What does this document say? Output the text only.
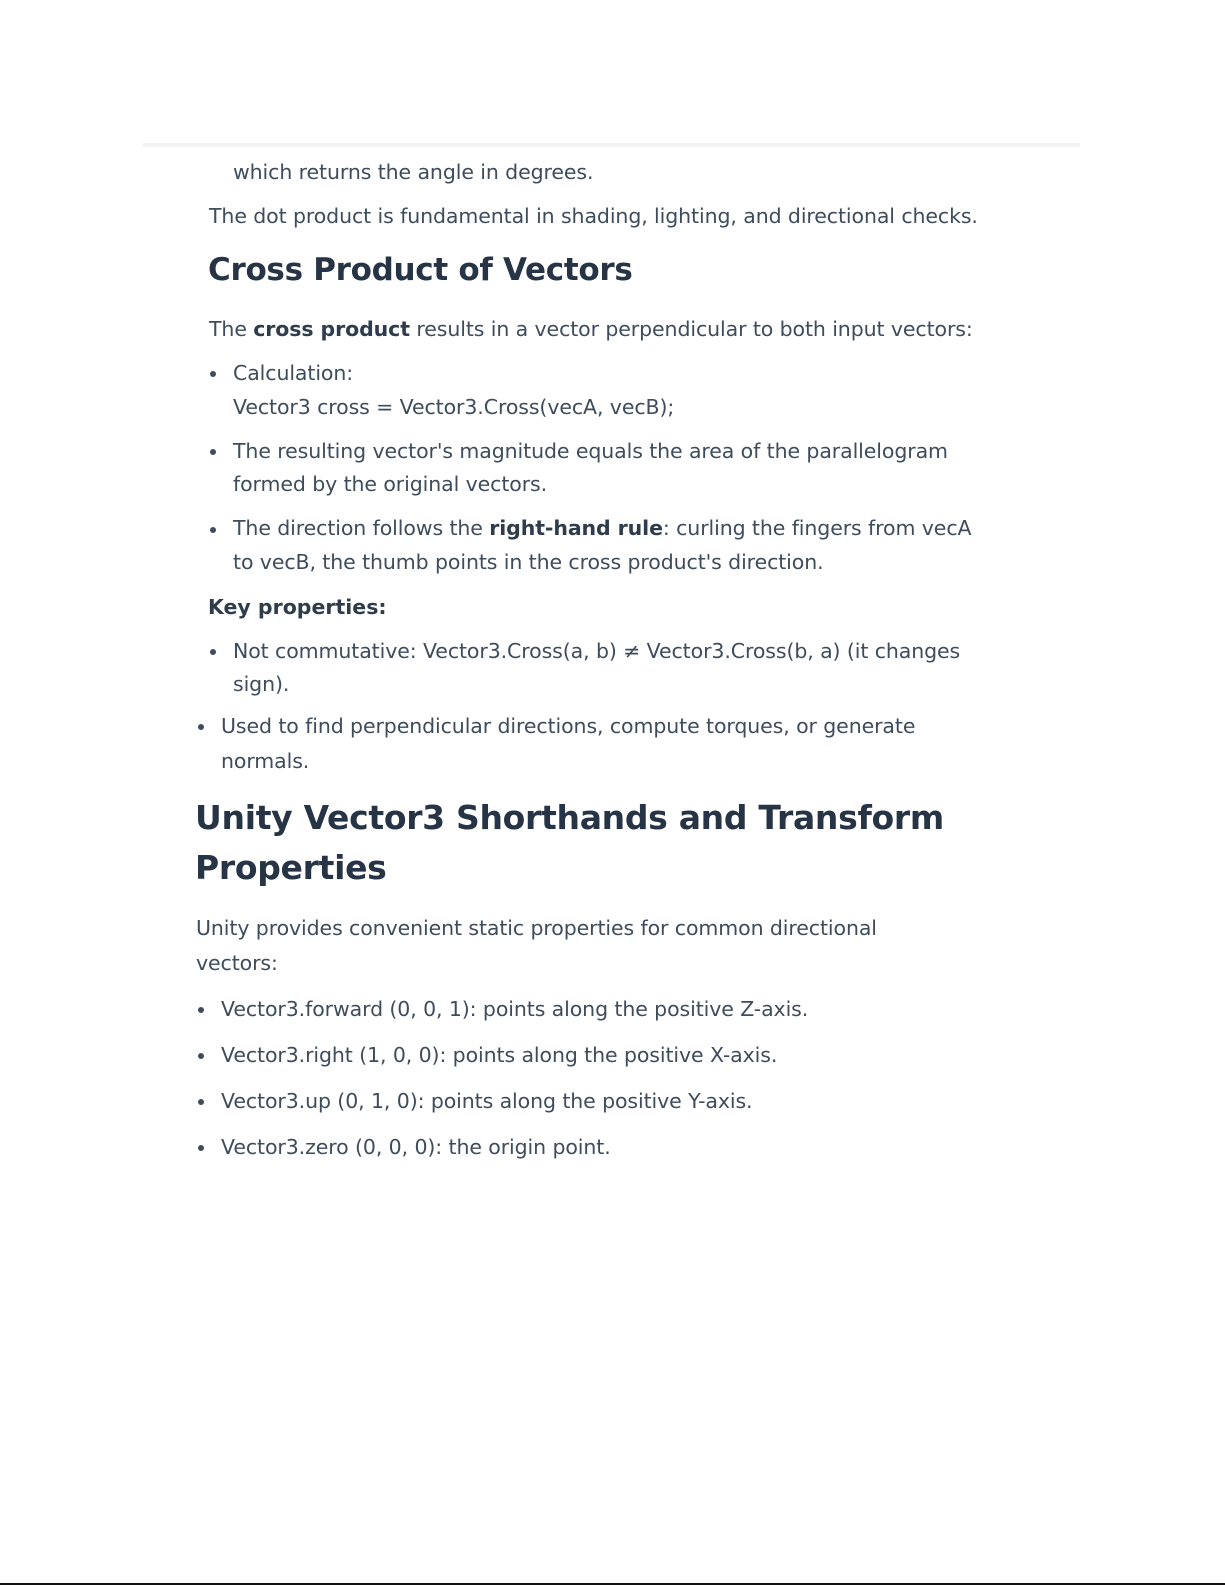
which returns the angle in degrees.
The dot product is fundamental in shading, lighting, and directional checks.
Cross Product of Vectors
The cross product results in a vector perpendicular to both input vectors:
Calculation:
Vector3 cross = Vector3.Cross(vecA, vecB);
The resulting vector's magnitude equals the area of the parallelogram
formed by the original vectors.
The direction follows the right-hand rule: curling the fingers from vecA
to vecB, the thumb points in the cross product's direction.
Key properties:
Not commutative: Vector3.Cross(a, b) ≠ Vector3.Cross(b, a) (it changes
sign).
Used to find perpendicular directions, compute torques, or generate
normals.
Unity Vector3 Shorthands and Transform
Properties
Unity provides convenient static properties for common directional
vectors:
Vector3.forward (0, 0, 1): points along the positive Z-axis.
Vector3.right (1, 0, 0): points along the positive X-axis.
Vector3.up (0, 1, 0): points along the positive Y-axis.
Vector3.zero (0, 0, 0): the origin point.
